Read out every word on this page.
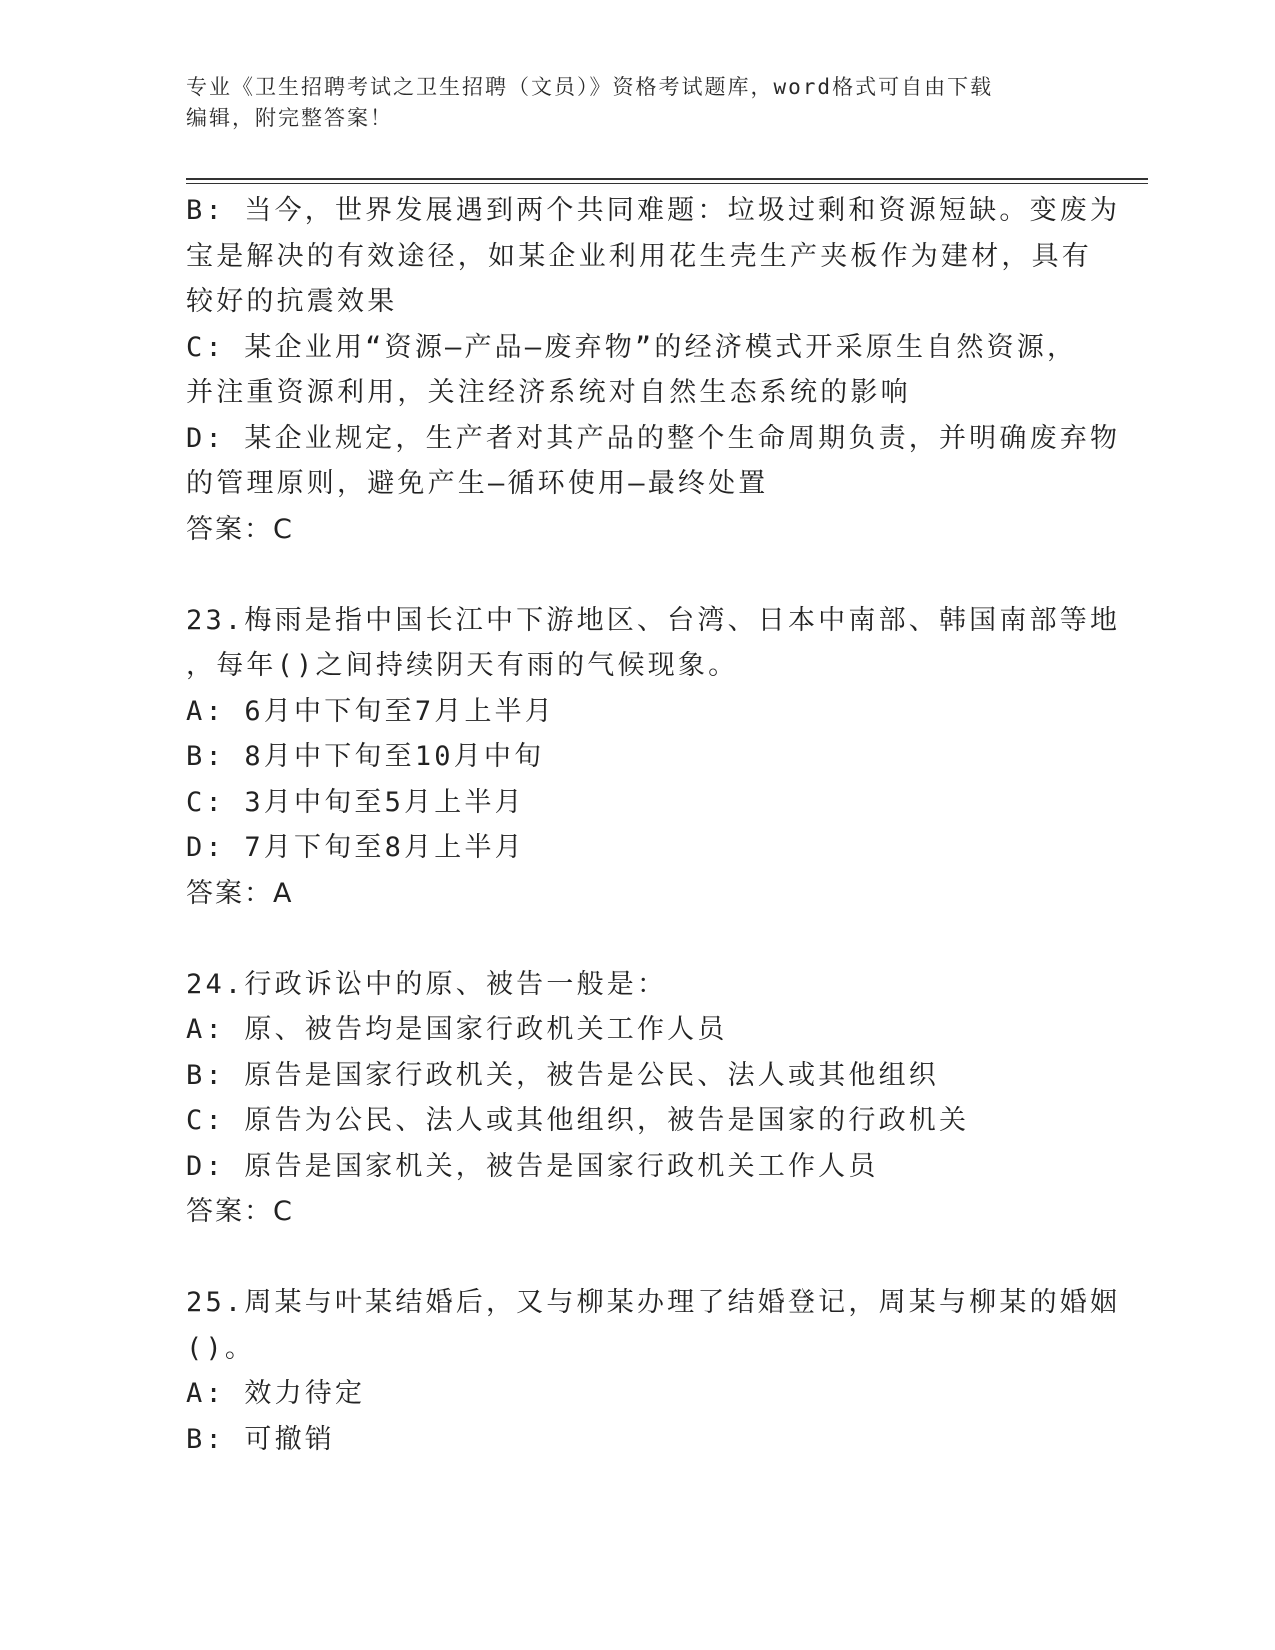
专业《卫生招聘考试之卫生招聘（文员）》资格考试题库，word格式可自由下载
编辑，附完整答案！
B: 当今，世界发展遇到两个共同难题：垃圾过剩和资源短缺。变废为
宝是解决的有效途径，如某企业利用花生壳生产夹板作为建材，具有
较好的抗震效果
C: 某企业用“资源—产品—废弃物”的经济模式开采原生自然资源，
并注重资源利用，关注经济系统对自然生态系统的影响
D: 某企业规定，生产者对其产品的整个生命周期负责，并明确废弃物
的管理原则，避免产生—循环使用—最终处置
答案：C
23.梅雨是指中国长江中下游地区、台湾、日本中南部、韩国南部等地
，每年()之间持续阴天有雨的气候现象。
A: 6月中下旬至7月上半月
B: 8月中下旬至10月中旬
C: 3月中旬至5月上半月
D: 7月下旬至8月上半月
答案：A
24.行政诉讼中的原、被告一般是：
A: 原、被告均是国家行政机关工作人员
B: 原告是国家行政机关，被告是公民、法人或其他组织
C: 原告为公民、法人或其他组织，被告是国家的行政机关
D: 原告是国家机关，被告是国家行政机关工作人员
答案：C
25.周某与叶某结婚后，又与柳某办理了结婚登记，周某与柳某的婚姻
()。
A: 效力待定
B: 可撤销
